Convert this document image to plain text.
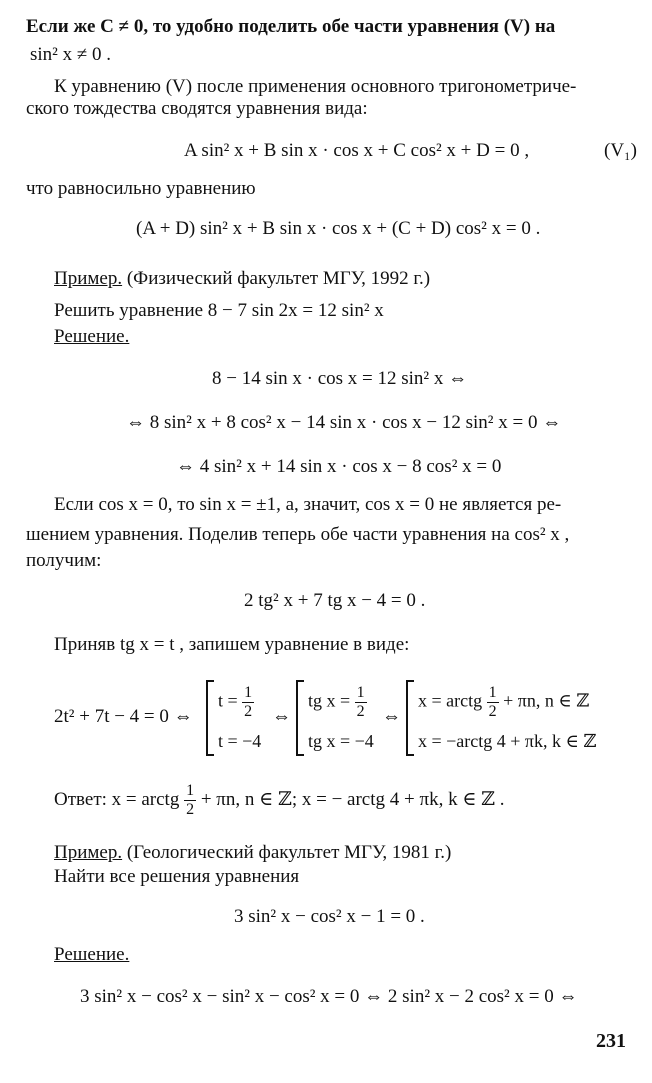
Если же C ≠ 0, то удобно поделить обе части уравнения (V) на
sin² x ≠ 0 .
К уравнению (V) после применения основного тригонометриче-
ского тождества сводятся уравнения вида:
A sin² x + B sin x · cos x + C cos² x + D = 0 ,	(V₁)
что равносильно уравнению
(A + D) sin² x + B sin x · cos x + (C + D) cos² x = 0 .
Пример. (Физический факультет МГУ, 1992 г.)
Решить уравнение 8 − 7 sin 2x = 12 sin² x
Решение.
8 − 14 sin x · cos x = 12 sin² x ⇔
⇔ 8 sin² x + 8 cos² x − 14 sin x · cos x − 12 sin² x = 0 ⇔
⇔ 4 sin² x + 14 sin x · cos x − 8 cos² x = 0
Если cos x = 0, то sin x = ±1, а, значит, cos x = 0 не является ре-
шением уравнения. Поделив теперь обе части уравнения на cos² x ,
получим:
2 tg² x + 7 tg x − 4 = 0 .
Приняв tg x = t , запишем уравнение в виде:
2t² + 7t − 4 = 0 ⇔
$t = \frac{1}{2}$
t = −4
⇔
tg $x = \frac{1}{2}$
tg x = −4
⇔
x = arctg $\frac{1}{2} + \pi n$, n ∈ ℤ
x = −arctg 4 + πk, k ∈ ℤ
Ответ: x = arctg $\frac{1}{2} + \pi n$, n ∈ ℤ; x = − arctg 4 + πk, k ∈ ℤ .
Пример. (Геологический факультет МГУ, 1981 г.)
Найти все решения уравнения
3 sin² x − cos² x − 1 = 0 .
Решение.
3 sin² x − cos² x − sin² x − cos² x = 0 ⇔ 2 sin² x − 2 cos² x = 0 ⇔
231
